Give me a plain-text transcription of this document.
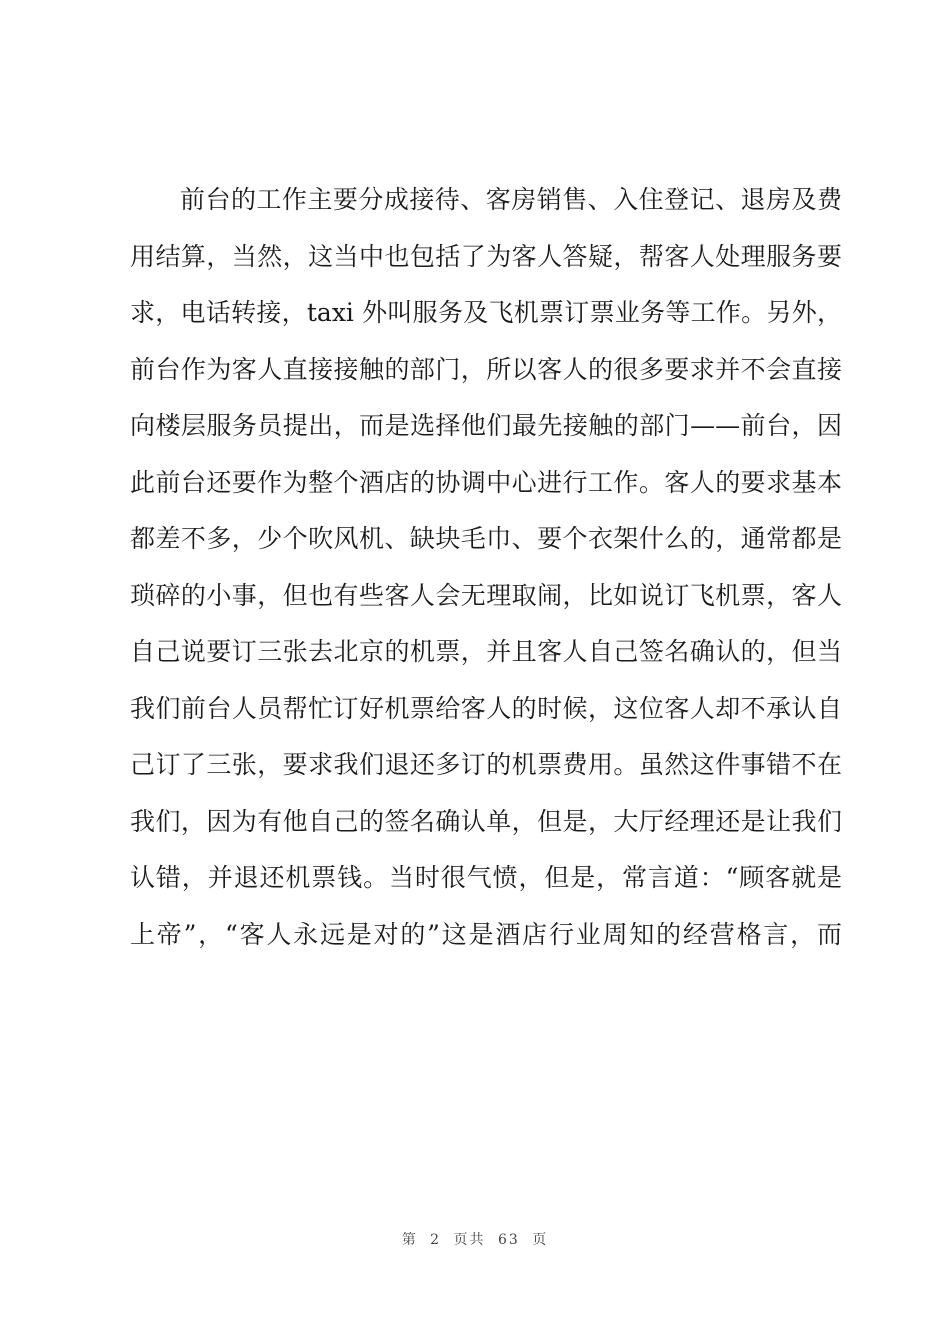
前台的工作主要分成接待、客房销售、入住登记、退房及费
用结算，当然，这当中也包括了为客人答疑，帮客人处理服务要
求，电话转接，taxi 外叫服务及飞机票订票业务等工作。另外，
前台作为客人直接接触的部门，所以客人的很多要求并不会直接
向楼层服务员提出，而是选择他们最先接触的部门——前台，因
此前台还要作为整个酒店的协调中心进行工作。客人的要求基本
都差不多，少个吹风机、缺块毛巾、要个衣架什么的，通常都是
琐碎的小事，但也有些客人会无理取闹，比如说订飞机票，客人
自己说要订三张去北京的机票，并且客人自己签名确认的，但当
我们前台人员帮忙订好机票给客人的时候，这位客人却不承认自
己订了三张，要求我们退还多订的机票费用。虽然这件事错不在
我们，因为有他自己的签名确认单，但是，大厅经理还是让我们
认错，并退还机票钱。当时很气愤，但是，常言道：“顾客就是
上帝”，“客人永远是对的”这是酒店行业周知的经营格言，而
第 2 页共 63 页
